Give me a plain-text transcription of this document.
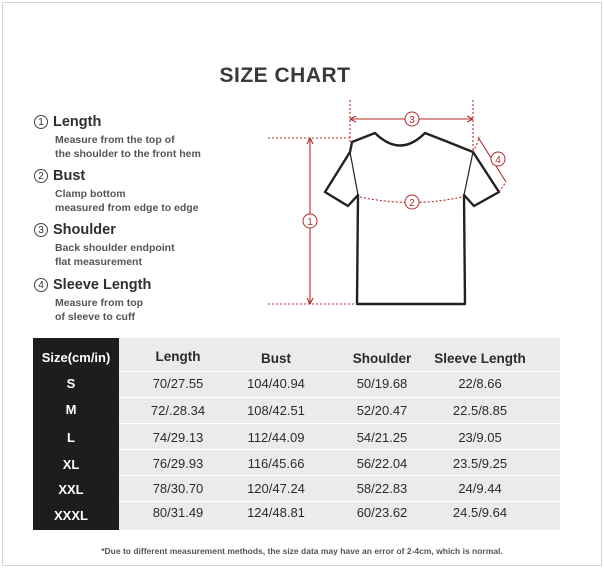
SIZE CHART
1 Length
Measure from the top of
the shoulder to the front hem
2 Bust
Clamp bottom
measured from edge to edge
3 Shoulder
Back shoulder endpoint
flat measurement
4 Sleeve Length
Measure from top
of sleeve to cuff
3
4
2
1
Size(cm/in)	Length	Bust	Shoulder	Sleeve Length
S	70/27.55	104/40.94	50/19.68	22/8.66
M	72/.28.34	108/42.51	52/20.47	22.5/8.85
L	74/29.13	112/44.09	54/21.25	23/9.05
XL	76/29.93	116/45.66	56/22.04	23.5/9.25
XXL	78/30.70	120/47.24	58/22.83	24/9.44
XXXL	80/31.49	124/48.81	60/23.62	24.5/9.64
*Due to different measurement methods, the size data may have an error of 2-4cm, which is normal.
